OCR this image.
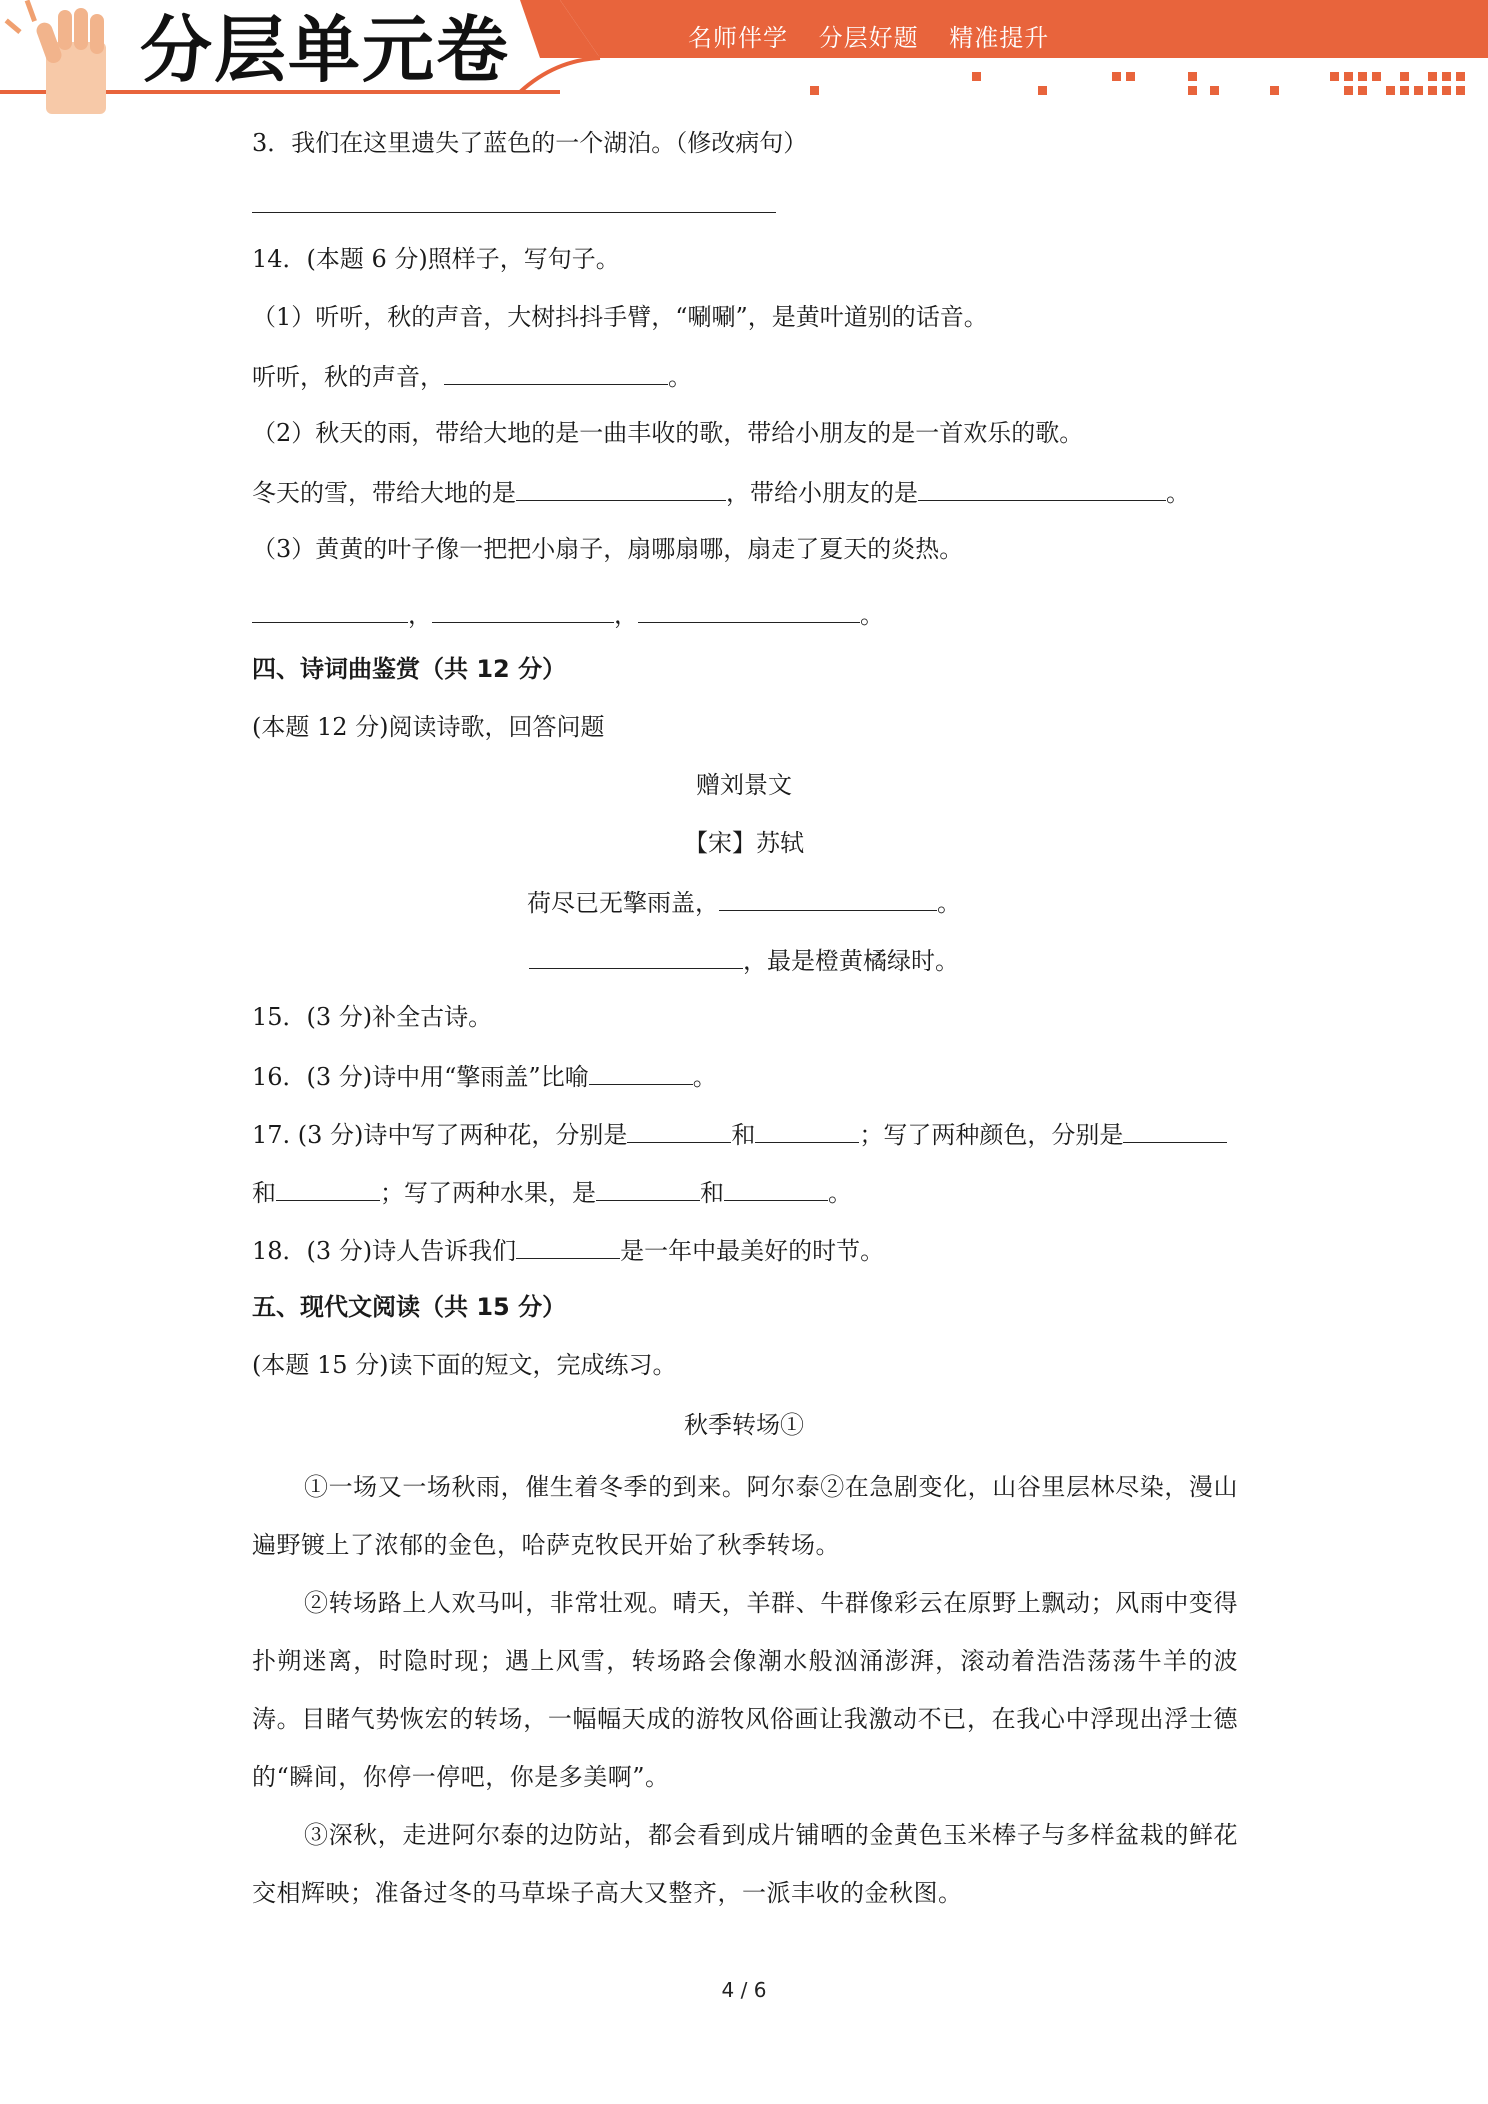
分层单元卷	名师伴学 分层好题 精准提升
3．我们在这里遗失了蓝色的一个湖泊。（修改病句）
14．(本题 6 分)照样子，写句子。
（1）听听，秋的声音，大树抖抖手臂，“唰唰”，是黄叶道别的话音。
听听，秋的声音，	。
（2）秋天的雨，带给大地的是一曲丰收的歌，带给小朋友的是一首欢乐的歌。
冬天的雪，带给大地的是	，带给小朋友的是	。
（3）黄黄的叶子像一把把小扇子，扇哪扇哪，扇走了夏天的炎热。
，	，	。
四、诗词曲鉴赏（共 12 分）
(本题 12 分)阅读诗歌，回答问题
赠刘景文
【宋】苏轼
荷尽已无擎雨盖，	。
，最是橙黄橘绿时。
15．(3 分)补全古诗。
16．(3 分)诗中用“擎雨盖”比喻	。
17. (3 分)诗中写了两种花，分别是	和	；写了两种颜色，分别是
和	；写了两种水果，是	和	。
18．(3 分)诗人告诉我们	是一年中最美好的时节。
五、现代文阅读（共 15 分）
(本题 15 分)读下面的短文，完成练习。
秋季转场①
①一场又一场秋雨，催生着冬季的到来。阿尔泰②在急剧变化，山谷里层林尽染，漫山遍野镀上了浓郁的金色，哈萨克牧民开始了秋季转场。
②转场路上人欢马叫，非常壮观。晴天，羊群、牛群像彩云在原野上飘动；风雨中变得扑朔迷离，时隐时现；遇上风雪，转场路会像潮水般汹涌澎湃，滚动着浩浩荡荡牛羊的波涛。目睹气势恢宏的转场，一幅幅天成的游牧风俗画让我激动不已，在我心中浮现出浮士德的“瞬间，你停一停吧，你是多美啊”。
③深秋，走进阿尔泰的边防站，都会看到成片铺晒的金黄色玉米棒子与多样盆栽的鲜花交相辉映；准备过冬的马草垛子高大又整齐，一派丰收的金秋图。
4 / 6
